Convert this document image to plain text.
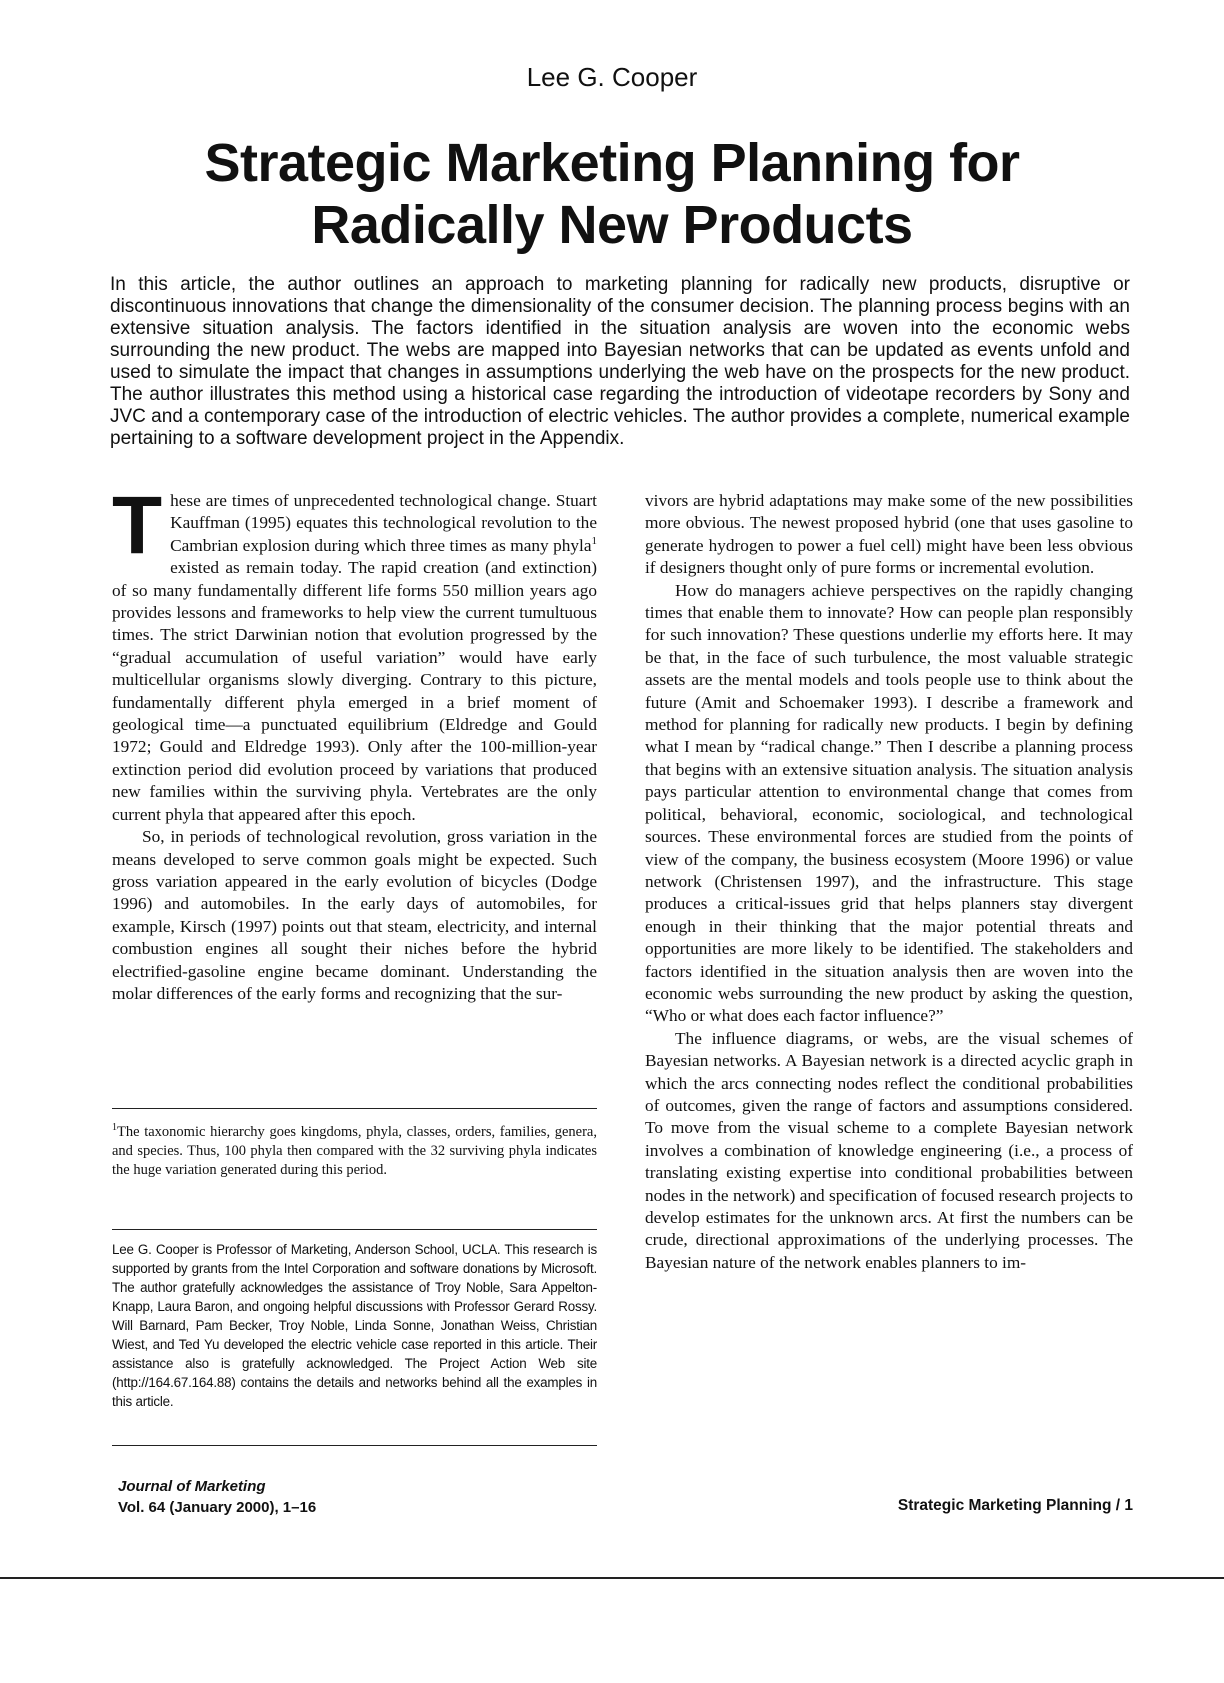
Lee G. Cooper
Strategic Marketing Planning for Radically New Products

In this article, the author outlines an approach to marketing planning for radically new products, disruptive or discontinuous innovations that change the dimensionality of the consumer decision. The planning process begins with an extensive situation analysis. The factors identified in the situation analysis are woven into the economic webs surrounding the new product. The webs are mapped into Bayesian networks that can be updated as events unfold and used to simulate the impact that changes in assumptions underlying the web have on the prospects for the new product. The author illustrates this method using a historical case regarding the introduction of videotape recorders by Sony and JVC and a contemporary case of the introduction of electric vehicles. The author provides a complete, numerical example pertaining to a software development project in the Appendix.

These are times of unprecedented technological change. Stuart Kauffman (1995) equates this technological revolution to the Cambrian explosion during which three times as many phyla$^1$ existed as remain today. The rapid creation (and extinction) of so many fundamentally different life forms 550 million years ago provides lessons and frameworks to help view the current tumultuous times. The strict Darwinian notion that evolution progressed by the “gradual accumulation of useful variation” would have early multicellular organisms slowly diverging. Contrary to this picture, fundamentally different phyla emerged in a brief moment of geological time—a punctuated equilibrium (Eldredge and Gould 1972; Gould and Eldredge 1993). Only after the 100-million-year extinction period did evolution proceed by variations that produced new families within the surviving phyla. Vertebrates are the only current phyla that appeared after this epoch.

So, in periods of technological revolution, gross variation in the means developed to serve common goals might be expected. Such gross variation appeared in the early evolution of bicycles (Dodge 1996) and automobiles. In the early days of automobiles, for example, Kirsch (1997) points out that steam, electricity, and internal combustion engines all sought their niches before the hybrid electrified-gasoline engine became dominant. Understanding the molar differences of the early forms and recognizing that the sur-

$^1$The taxonomic hierarchy goes kingdoms, phyla, classes, orders, families, genera, and species. Thus, 100 phyla then compared with the 32 surviving phyla indicates the huge variation generated during this period.

Lee G. Cooper is Professor of Marketing, Anderson School, UCLA. This research is supported by grants from the Intel Corporation and software donations by Microsoft. The author gratefully acknowledges the assistance of Troy Noble, Sara Appelton-Knapp, Laura Baron, and ongoing helpful discussions with Professor Gerard Rossy. Will Barnard, Pam Becker, Troy Noble, Linda Sonne, Jonathan Weiss, Christian Wiest, and Ted Yu developed the electric vehicle case reported in this article. Their assistance also is gratefully acknowledged. The Project Action Web site (http://164.67.164.88) contains the details and networks behind all the examples in this article.

vivors are hybrid adaptations may make some of the new possibilities more obvious. The newest proposed hybrid (one that uses gasoline to generate hydrogen to power a fuel cell) might have been less obvious if designers thought only of pure forms or incremental evolution.

How do managers achieve perspectives on the rapidly changing times that enable them to innovate? How can people plan responsibly for such innovation? These questions underlie my efforts here. It may be that, in the face of such turbulence, the most valuable strategic assets are the mental models and tools people use to think about the future (Amit and Schoemaker 1993). I describe a framework and method for planning for radically new products. I begin by defining what I mean by “radical change.” Then I describe a planning process that begins with an extensive situation analysis. The situation analysis pays particular attention to environmental change that comes from political, behavioral, economic, sociological, and technological sources. These environmental forces are studied from the points of view of the company, the business ecosystem (Moore 1996) or value network (Christensen 1997), and the infrastructure. This stage produces a critical-issues grid that helps planners stay divergent enough in their thinking that the major potential threats and opportunities are more likely to be identified. The stakeholders and factors identified in the situation analysis then are woven into the economic webs surrounding the new product by asking the question, “Who or what does each factor influence?”

The influence diagrams, or webs, are the visual schemes of Bayesian networks. A Bayesian network is a directed acyclic graph in which the arcs connecting nodes reflect the conditional probabilities of outcomes, given the range of factors and assumptions considered. To move from the visual scheme to a complete Bayesian network involves a combination of knowledge engineering (i.e., a process of translating existing expertise into conditional probabilities between nodes in the network) and specification of focused research projects to develop estimates for the unknown arcs. At first the numbers can be crude, directional approximations of the underlying processes. The Bayesian nature of the network enables planners to im-

Journal of Marketing
Vol. 64 (January 2000), 1–16	Strategic Marketing Planning / 1
